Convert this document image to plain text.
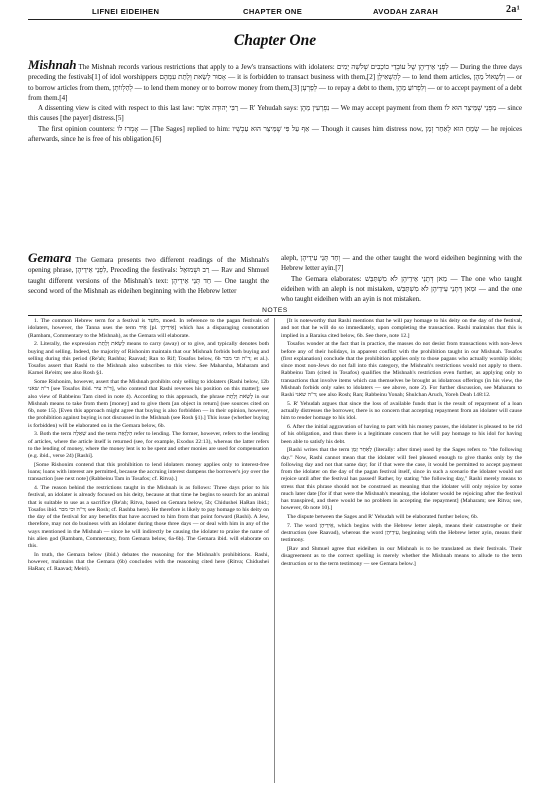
LIFNEI EIDEIHEN	CHAPTER ONE	AVODAH ZARAH	2a¹
Chapter One

Mishnah The Mishnah records various restrictions that apply to a Jew's transactions with idolaters: לִפְנֵי אֵידֵיהֶן שֶׁל עוֹבְדֵי כוֹכָבִים שְׁלֹשָׁה יָמִים — During the three days preceding the festivals[1] of idol worshippers אָסוּר לָשֵׂאת וְלָתֵת עִמָּהֶם — it is forbidden to transact business with them,[2] לְהַשְׁאִילָן — to lend them articles, וְלִשְׁאוֹל מֵהֶן — or to borrow articles from them, לְהַלְווֹתָן — to lend them money or to borrow money from them,[3] לְפָרְעָן — to repay a debt to them, וְלִפְרוֹעַ מֵהֶן — or to accept payment of a debt from them.[4]

A dissenting view is cited with respect to this last law: רַבִּי יְהוּדָה אוֹמֵר — R' Yehudah says: נִפְרָעִין מֵהֶן — We may accept payment from them מִפְּנֵי שֶׁמֵּיצֵר הוּא לוֹ — since this causes [the payer] distress.[5]

The first opinion counters: אָמְרוּ לוֹ — [The Sages] replied to him: אַף עַל פִּי שֶׁמֵּיצֵר הוּא עַכְשָׁיו — Though it causes him distress now, שָׂמֵחַ הוּא לְאַחַר זְמַן — he rejoices afterwards, since he is free of his obligation.[6]

Gemara The Gemara presents two different readings of the Mishnah's opening phrase, לִפְנֵי אֵידֵיהֶן, Preceding the festivals: רַב וּשְׁמוּאֵל — Rav and Shmuel taught different versions of the Mishnah's text: חַד תָּנֵי אֵידֵיהֶן — One taught the second word of the Mishnah as eideihen beginning with the Hebrew letter

aleph, וְחַד תָּנֵי עֵידֵיהֶן — and the other taught the word eideihen beginning with the Hebrew letter ayin.[7]

The Gemara elaborates: מַאן דְּתָנֵי אֵידֵיהֶן לֹא מִשְׁתַּבֵּשׁ — The one who taught eideihen with an aleph is not mistaken, וּמַאן דְּתָנֵי עֵידֵיהֶן לֹא מִשְׁתַּבֵּשׁ — and the one who taught eideihen with an ayin is not mistaken.

NOTES

1. The common Hebrew term for a festival is מוֹעֵד, moed. In reference to the pagan festivals of idolaters, however, the Tanna uses the term אֵיד [pl. אֵידֵיהֶן] which has a disparaging connotation (Rambam, Commentary to the Mishnah), as the Gemara will elaborate.

2. Literally, the expression לָשֵׂאת וְלָתֵת means to carry (away) or to give, and typically denotes both buying and selling. Indeed, the majority of Rishonim maintain that our Mishnah forbids both buying and selling during this period (Re'ah; Rashba; Raavad; Ran to Rif; Tosafos below, 6b ד"ה וכי מכר; et al.). Tosafos assert that Rashi to the Mishnah also subscribes to this view. See Maharsha, Maharam and Karnei Re'eim; see also Rosh §1.

Some Rishonim, however, assert that the Mishnah prohibits only selling to idolaters (Rashi below, 12b ד"ה שאני [see Tosafos ibid. ד"ה עיר], who contend that Rashi reverses his position on this matter]; see also view of Rabbeinu Tam cited in note 4). According to this approach, the phrase לָשֵׂאת וְלָתֵת in our Mishnah means to take from them [money] and to give them [an object in return] (see sources cited on 6b, note 15). [Even this approach might agree that buying is also forbidden — in their opinion, however, the prohibition against buying is not discussed in the Mishnah (see Rosh §1).] This issue (whether buying is forbidden) will be elaborated on in the Gemara below, 6b.

3. Both the term שְׁאָלָה and the term הַלְוָאָה refer to lending. The former, however, refers to the lending of articles, where the article itself is returned (see, for example, Exodus 22:13), whereas the latter refers to the lending of money, where the money lent is to be spent and other monies are used for compensation (e.g. ibid., verse 24) [Rashi].

[Some Rishonim contend that this prohibition to lend idolaters money applies only to interest-free loans; loans with interest are permitted, because the accruing interest dampens the borrower's joy over the transaction [see next note] (Rabbeinu Tam in Tosafos; cf. Ritva).]

4. The reason behind the restrictions taught in the Mishnah is as follows: Three days prior to his festival, an idolater is already focused on his deity, because at that time he begins to search for an animal that is suitable to use as a sacrifice (Re'ah; Ritva, based on Gemara below, 5b; Chidushei HaRan ibid.; Tosafos ibid. ד"ה וכי מכר; see Rosh; cf. Rashba here). He therefore is likely to pay homage to his deity on the day of the festival for any benefits that have accrued to him from that point forward (Rashi). A Jew, therefore, may not do business with an idolater during those three days — or deal with him in any of the ways mentioned in the Mishnah — since he will indirectly be causing the idolater to praise the name of his alien god (Rambam, Commentary, from Gemara below, 6a-6b). The Gemara ibid. will elaborate on this.

In truth, the Gemara below (ibid.) debates the reasoning for the Mishnah's prohibitions. Rashi, however, maintains that the Gemara (6b) concludes with the reasoning cited here (Ritva; Chidushei HaRan; cf. Raavad; Meiri).

[It is noteworthy that Rashi mentions that he will pay homage to his deity on the day of the festival, and not that he will do so immediately, upon completing the transaction. Rashi maintains that this is implied in a Baraisa cited below, 6b. See there, note 12.]

Tosafos wonder at the fact that in practice, the masses do not desist from transactions with non-Jews before any of their holidays, in apparent conflict with the prohibition taught in our Mishnah. Tosafos (first explanation) conclude that the prohibition applies only to those pagans who actually worship idols; since most non-Jews do not fall into this category, the Mishnah's restrictions would not apply to them. Rabbeinu Tam (cited in Tosafos) qualifies the Mishnah's restriction even further, as applying only to transactions that involve items which can themselves be brought as idolatrous offerings (in his view, the Mishnah forbids only sales to idolaters — see above, note 2). For further discussion, see Maharam to Rashi ד"ה שאני; see also Rosh; Ran; Rabbeinu Yonah; Shulchan Aruch, Yoreh Deah 148:12.

5. R' Yehudah argues that since the loss of available funds that is the result of repayment of a loan actually distresses the borrower, there is no concern that accepting repayment from an idolater will cause him to render homage to his idol.

6. After the initial aggravation of having to part with his money passes, the idolater is pleased to be rid of his obligation, and thus there is a legitimate concern that he will pay homage to his idol for having been able to satisfy his debt.

[Rashi writes that the term לְאַחַר זְמַן (literally: after time) used by the Sages refers to "the following day." Now, Rashi cannot mean that the idolater will feel pleased enough to give thanks only by the following day and not that same day; for if that were the case, it would be permitted to accept payment from the idolater on the day of the pagan festival itself, since in such a scenario the idolater would not rejoice until after the festival has passed! Rather, by stating "the following day," Rashi merely means to stress that this phrase should not be construed as meaning that the idolater will only rejoice by some much later date [for if that were the Mishnah's meaning, the idolater would be rejoicing after the festival has transpired, and there would be no problem in accepting the repayment] (Maharam; see Ritva; see, however, 6b note 10).]

The dispute between the Sages and R' Yehudah will be elaborated further below, 6b.

7. The word אֵידֵיהֶן, which begins with the Hebrew letter aleph, means their catastrophe or their destruction (see Raavad), whereas the word עֵידֵיהֶן, beginning with the Hebrew letter ayin, means their testimony.

[Rav and Shmuel agree that eideihen in our Mishnah is to be translated as their festivals. Their disagreement as to the correct spelling is merely whether the Mishnah means to allude to the term destruction or to the term testimony — see Gemara below.]
